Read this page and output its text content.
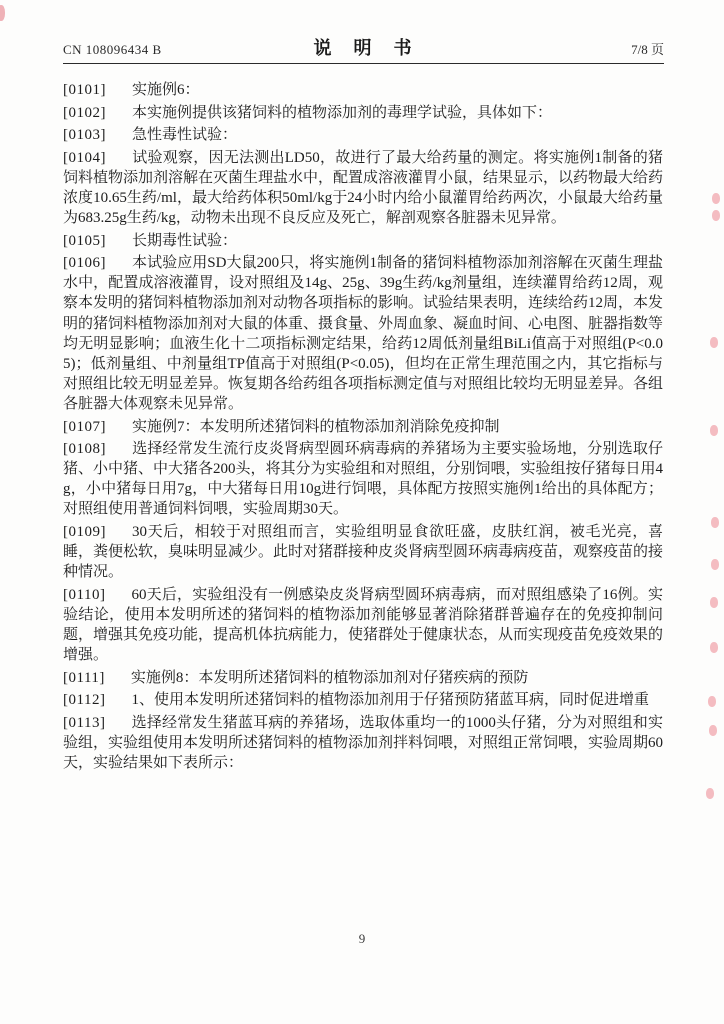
CN 108096434 B	说　明　书	7/8 页

[0101] 实施例6：

[0102] 本实施例提供该猪饲料的植物添加剂的毒理学试验，具体如下：

[0103] 急性毒性试验：

[0104] 试验观察，因无法测出LD50，故进行了最大给药量的测定。将实施例1制备的猪饲料植物添加剂溶解在灭菌生理盐水中，配置成溶液灌胃小鼠，结果显示，以药物最大给药浓度10.65生药/ml，最大给药体积50ml/kg于24小时内给小鼠灌胃给药两次，小鼠最大给药量为683.25g生药/kg，动物未出现不良反应及死亡，解剖观察各脏器未见异常。

[0105] 长期毒性试验：

[0106] 本试验应用SD大鼠200只，将实施例1制备的猪饲料植物添加剂溶解在灭菌生理盐水中，配置成溶液灌胃，设对照组及14g、25g、39g生药/kg剂量组，连续灌胃给药12周，观察本发明的猪饲料植物添加剂对动物各项指标的影响。试验结果表明，连续给药12周，本发明的猪饲料植物添加剂对大鼠的体重、摄食量、外周血象、凝血时间、心电图、脏器指数等均无明显影响；血液生化十二项指标测定结果，给药12周低剂量组BiLi值高于对照组(P<0.05)；低剂量组、中剂量组TP值高于对照组(P<0.05)，但均在正常生理范围之内，其它指标与对照组比较无明显差异。恢复期各给药组各项指标测定值与对照组比较均无明显差异。各组各脏器大体观察未见异常。

[0107] 实施例7：本发明所述猪饲料的植物添加剂消除免疫抑制

[0108] 选择经常发生流行皮炎肾病型圆环病毒病的养猪场为主要实验场地，分别选取仔猪、小中猪、中大猪各200头，将其分为实验组和对照组，分别饲喂，实验组按仔猪每日用4g，小中猪每日用7g，中大猪每日用10g进行饲喂，具体配方按照实施例1给出的具体配方；对照组使用普通饲料饲喂，实验周期30天。

[0109] 30天后，相较于对照组而言，实验组明显食欲旺盛，皮肤红润，被毛光亮，喜睡，粪便松软，臭味明显减少。此时对猪群接种皮炎肾病型圆环病毒病疫苗，观察疫苗的接种情况。

[0110] 60天后，实验组没有一例感染皮炎肾病型圆环病毒病，而对照组感染了16例。实验结论，使用本发明所述的猪饲料的植物添加剂能够显著消除猪群普遍存在的免疫抑制问题，增强其免疫功能，提高机体抗病能力，使猪群处于健康状态，从而实现疫苗免疫效果的增强。

[0111] 实施例8：本发明所述猪饲料的植物添加剂对仔猪疾病的预防

[0112] 1、使用本发明所述猪饲料的植物添加剂用于仔猪预防猪蓝耳病，同时促进增重

[0113] 选择经常发生猪蓝耳病的养猪场，选取体重均一的1000头仔猪，分为对照组和实验组，实验组使用本发明所述猪饲料的植物添加剂拌料饲喂，对照组正常饲喂，实验周期60天，实验结果如下表所示：

9
